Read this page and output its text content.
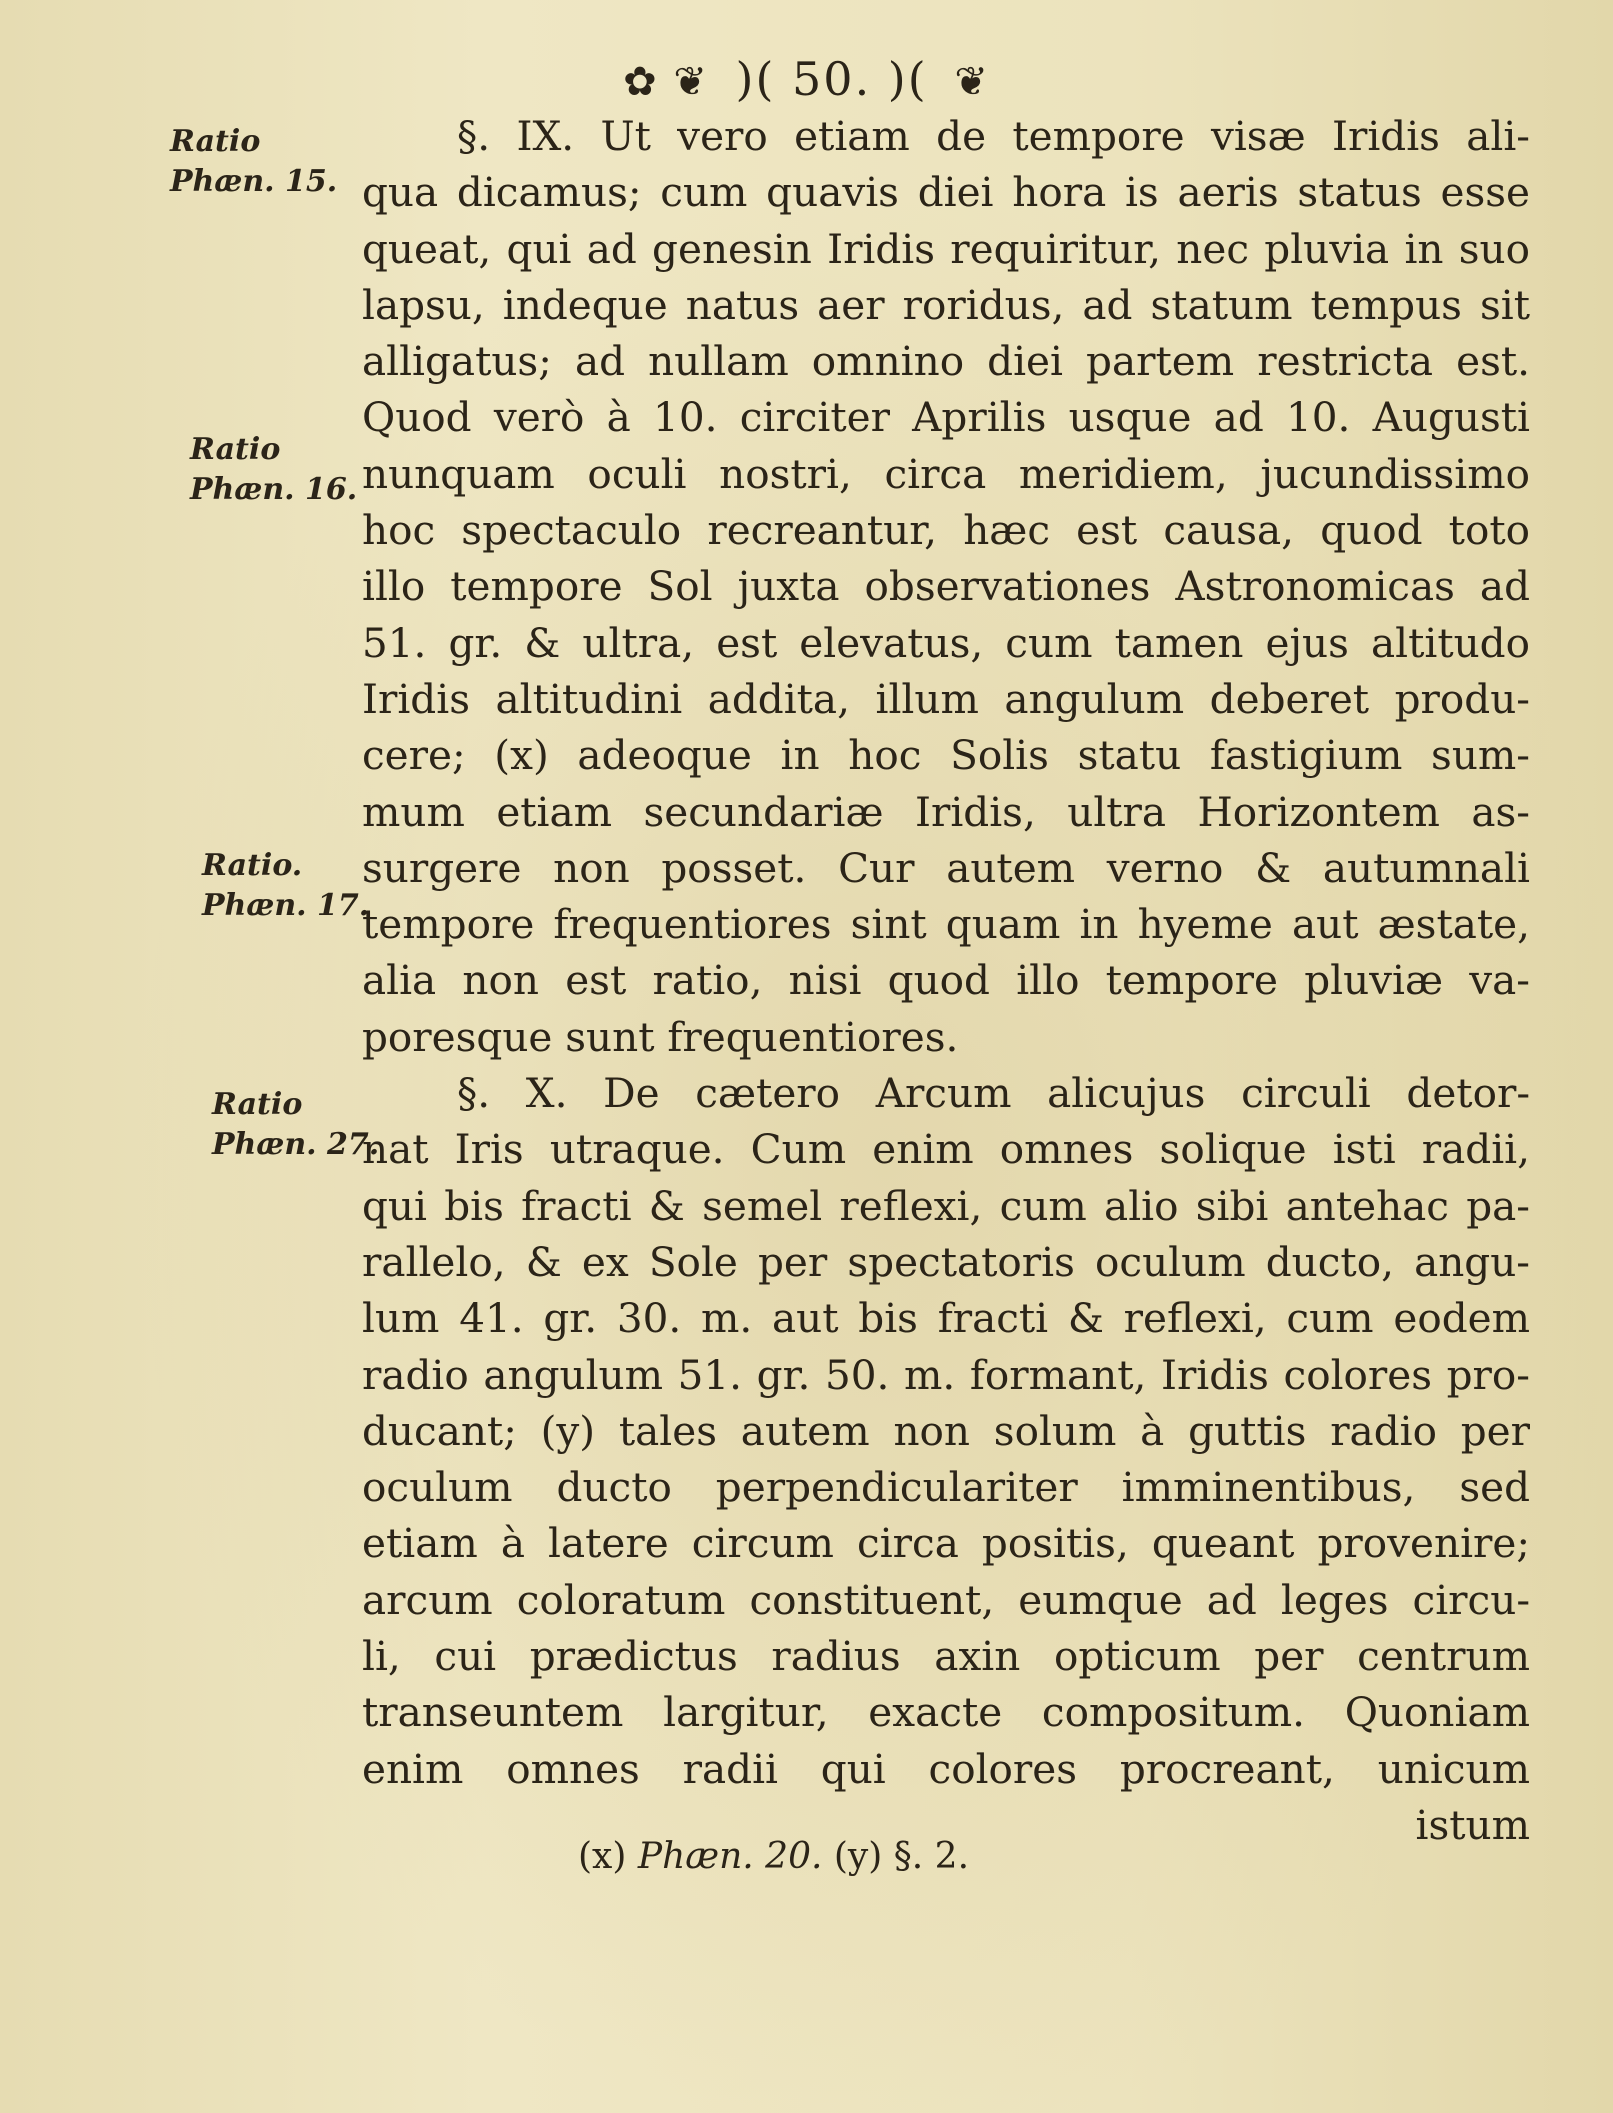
✿ ❦ )( 50. )( ❦
Ratio
Phæn. 15.
Ratio
Phæn. 16.
Ratio.
Phæn. 17.
Ratio
Phæn. 27.
§. IX. Ut vero etiam de tempore visæ Iridis ali-
qua dicamus; cum quavis diei hora is aeris status esse
queat, qui ad genesin Iridis requiritur, nec pluvia in suo
lapsu, indeque natus aer roridus, ad statum tempus sit
alligatus; ad nullam omnino diei partem restricta est.
Quod verò à 10. circiter Aprilis usque ad 10. Augusti
nunquam oculi nostri, circa meridiem, jucundissimo
hoc spectaculo recreantur, hæc est causa, quod toto
illo tempore Sol juxta observationes Astronomicas ad
51. gr. & ultra, est elevatus, cum tamen ejus altitudo
Iridis altitudini addita, illum angulum deberet produ-
cere; (x) adeoque in hoc Solis statu fastigium sum-
mum etiam secundariæ Iridis, ultra Horizontem as-
surgere non posset. Cur autem verno & autumnali
tempore frequentiores sint quam in hyeme aut æstate,
alia non est ratio, nisi quod illo tempore pluviæ va-
poresque sunt frequentiores.
§. X. De cætero Arcum alicujus circuli detor-
nat Iris utraque. Cum enim omnes solique isti radii,
qui bis fracti & semel reflexi, cum alio sibi antehac pa-
rallelo, & ex Sole per spectatoris oculum ducto, angu-
lum 41. gr. 30. m. aut bis fracti & reflexi, cum eodem
radio angulum 51. gr. 50. m. formant, Iridis colores pro-
ducant; (y) tales autem non solum à guttis radio per
oculum ducto perpendiculariter imminentibus, sed
etiam à latere circum circa positis, queant provenire;
arcum coloratum constituent, eumque ad leges circu-
li, cui prædictus radius axin opticum per centrum
transeuntem largitur, exacte compositum. Quoniam
enim omnes radii qui colores procreant, unicum
istum
(x) Phæn. 20. (y) §. 2.
